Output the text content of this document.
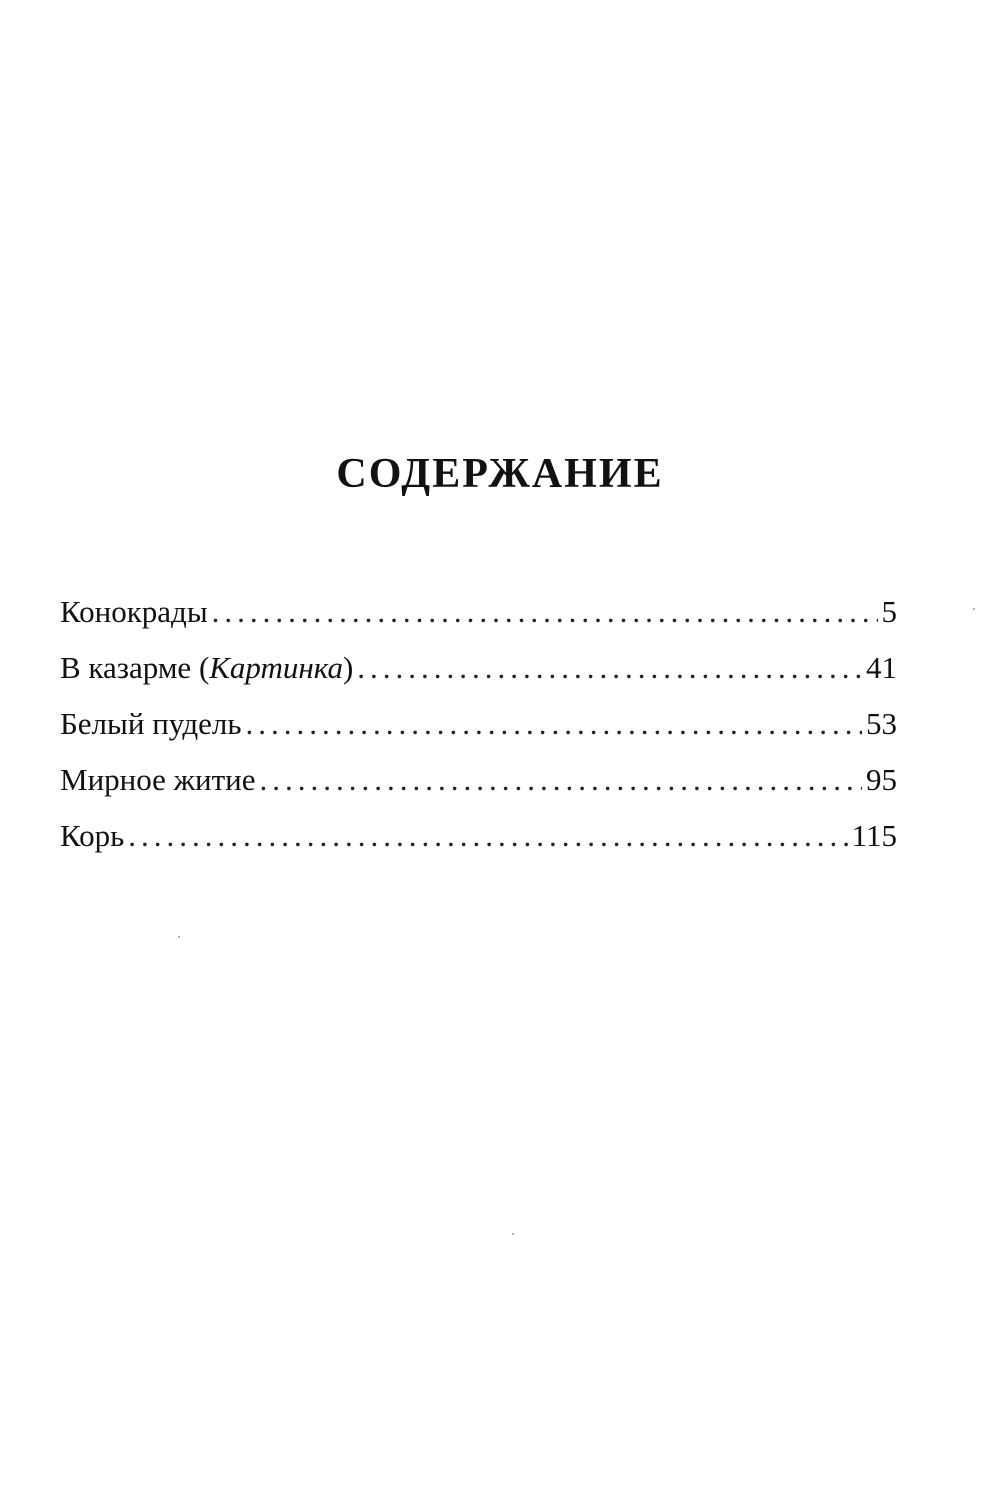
СОДЕРЖАНИЕ
Конокрады .....	5
В казарме (Картинка) .....	41
Белый пудель .....	53
Мирное житие .....	95
Корь .....	115
